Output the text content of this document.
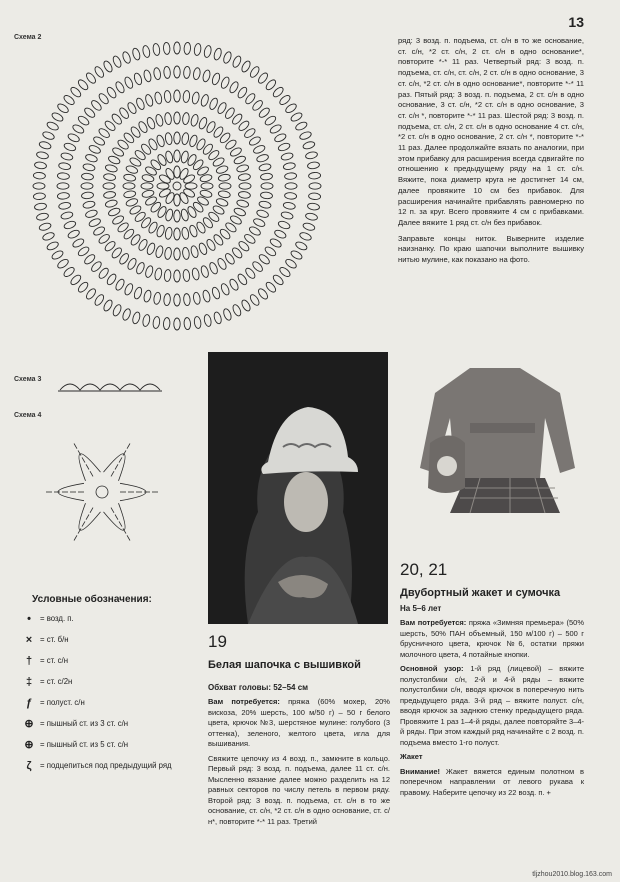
13
Схема 2
Схема 3
Схема 4
Условные обозначения:
•	= возд. п.
× = ст. б/н
†	= ст. с/н
‡	= ст. с/2н
ƒ	= полуст. с/н
⊕ = пышный ст. из 3 ст. с/н
⊕ = пышный ст. из 5 ст. с/н
ζ	= подцепиться под предыдущий ряд

ряд: 3 возд. п. подъема, ст. с/н в то же основание, ст. с/н, *2 ст. с/н, 2 ст. с/н в одно основание*, повторите *-* 11 раз. Четвертый ряд: 3 возд. п. подъема, ст. с/н, ст. с/н, 2 ст. с/н в одно основание, 3 ст. с/н, *2 ст. с/н в одно основание*, повторите *-* 11 раз. Пятый ряд: 3 возд. п. подъема, 2 ст. с/н в одно основание, 3 ст. с/н, *2 ст. с/н в одно основание, 3 ст. с/н *, повторите *-* 11 раз. Шестой ряд: 3 возд. п. подъема, ст. с/н, 2 ст. с/н в одно основание 4 ст. с/н, *2 ст. с/н в одно основание, 2 ст. с/н *, повторите *-* 11 раз. Далее продолжайте вязать по аналогии, при этом прибавку для расширения всегда сдвигайте по отношению к предыдущему ряду на 1 ст. с/н. Вяжите, пока диаметр круга не достигнет 14 см, далее провяжите 10 см без прибавок. Для расширения начинайте прибавлять равномерно по 12 п. за круг. Всего провяжите 4 см с прибавками. Далее вяжите 1 ряд ст. с/н без прибавок.

Заправьте концы ниток. Выверните изделие наизнанку. По краю шапочки выполните вышивку нитью мулине, как показано на фото.

19
Белая шапочка с вышивкой
Обхват головы: 52–54 см

Вам потребуется: пряжа (60% мохер, 20% вискоза, 20% шерсть, 100 м/50 г) – 50 г белого цвета, крючок №3, шерстяное мулине: голубого (3 оттенка), зеленого, желтого цвета, игла для вышивания.

Свяжите цепочку из 4 возд. п., замкните в кольцо. Первый ряд: 3 возд. п. подъема, далее 11 ст. с/н. Мысленно вязание далее можно разделить на 12 равных секторов по числу петель в первом ряду. Второй ряд: 3 возд. п. подъема, ст. с/н в то же основание, ст. с/н, *2 ст. с/н в одно основание, ст. с/н*, повторите *-* 11 раз. Третий

20, 21
Двубортный жакет и сумочка
На 5–6 лет

Вам потребуется: пряжа «Зимняя премьера» (50% шерсть, 50% ПАН объемный, 150 м/100 г) – 500 г брусничного цвета, крючок №6, остатки пряжи молочного цвета, 4 потайные кнопки.

Основной узор: 1-й ряд (лицевой) – вяжите полустолбики с/н, 2-й и 4-й ряды – вяжите полустолбики с/н, вводя крючок в поперечную нить предыдущего ряда. 3-й ряд – вяжите полуст. с/н, вводя крючок за заднюю стенку предыдущего ряда. Провяжите 1 раз 1–4-й ряды, далее повторяйте 3–4-й ряды. При этом каждый ряд начинайте с 2 возд. п. подъема вместо 1-го полуст.

Жакет

Внимание! Жакет вяжется единым полотном в поперечном направлении от левого рукава к правому. Наберите цепочку из 22 возд. п. +

tljzhou2010.blog.163.com
